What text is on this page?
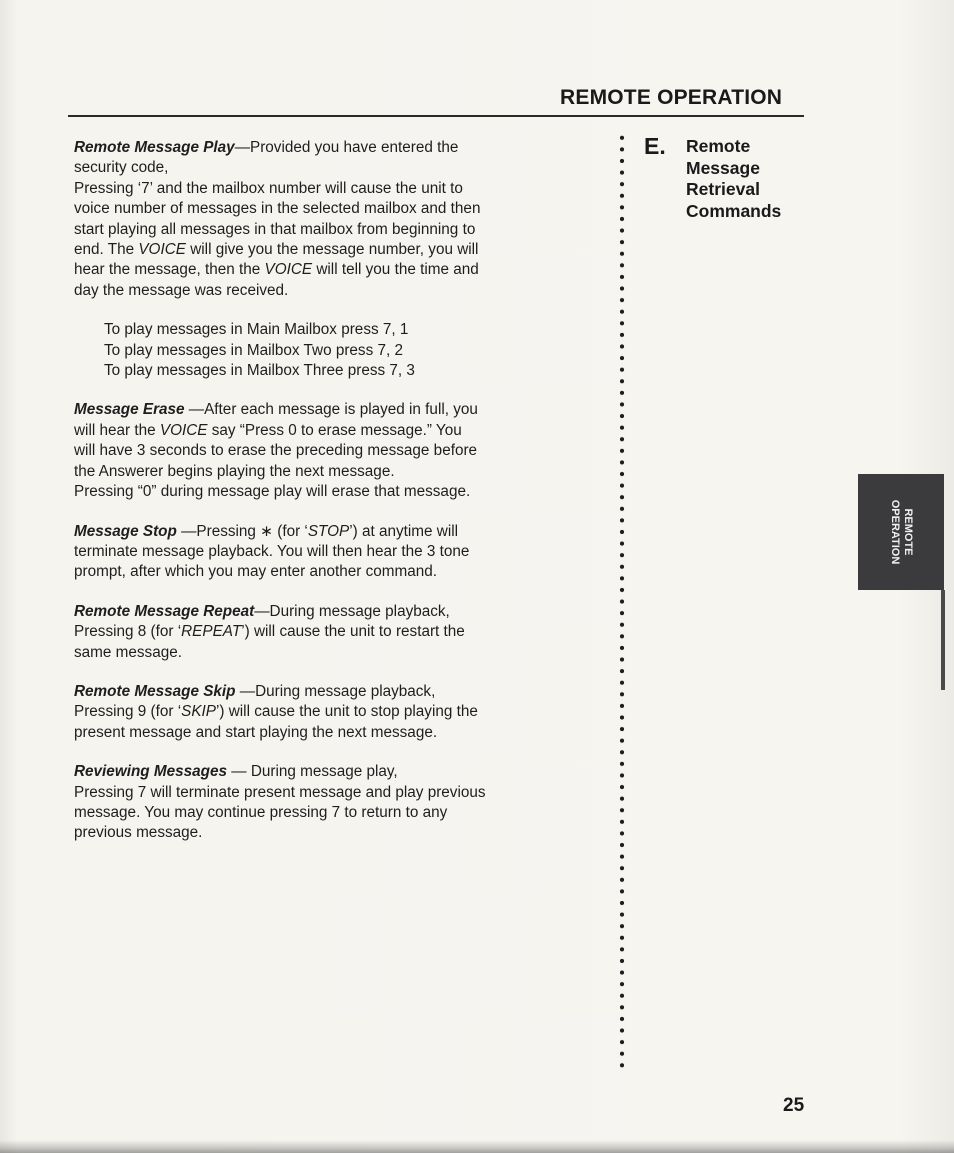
REMOTE OPERATION

Remote Message Play—Provided you have entered the
security code,
Pressing ‘7’ and the mailbox number will cause the unit to
voice number of messages in the selected mailbox and then
start playing all messages in that mailbox from beginning to
end. The VOICE will give you the message number, you will
hear the message, then the VOICE will tell you the time and
day the message was received.

To play messages in Main Mailbox press 7, 1
To play messages in Mailbox Two press 7, 2
To play messages in Mailbox Three press 7, 3

Message Erase —After each message is played in full, you
will hear the VOICE say “Press 0 to erase message.” You
will have 3 seconds to erase the preceding message before
the Answerer begins playing the next message.
Pressing “0” during message play will erase that message.

Message Stop —Pressing ∗ (for ‘STOP’) at anytime will
terminate message playback. You will then hear the 3 tone
prompt, after which you may enter another command.

Remote Message Repeat—During message playback,
Pressing 8 (for ‘REPEAT’) will cause the unit to restart the
same message.

Remote Message Skip —During message playback,
Pressing 9 (for ‘SKIP’) will cause the unit to stop playing the
present message and start playing the next message.

Reviewing Messages — During message play,
Pressing 7 will terminate present message and play previous
message. You may continue pressing 7 to return to any
previous message.

E. Remote
Message
Retrieval
Commands
REMOTE
OPERATION
25
